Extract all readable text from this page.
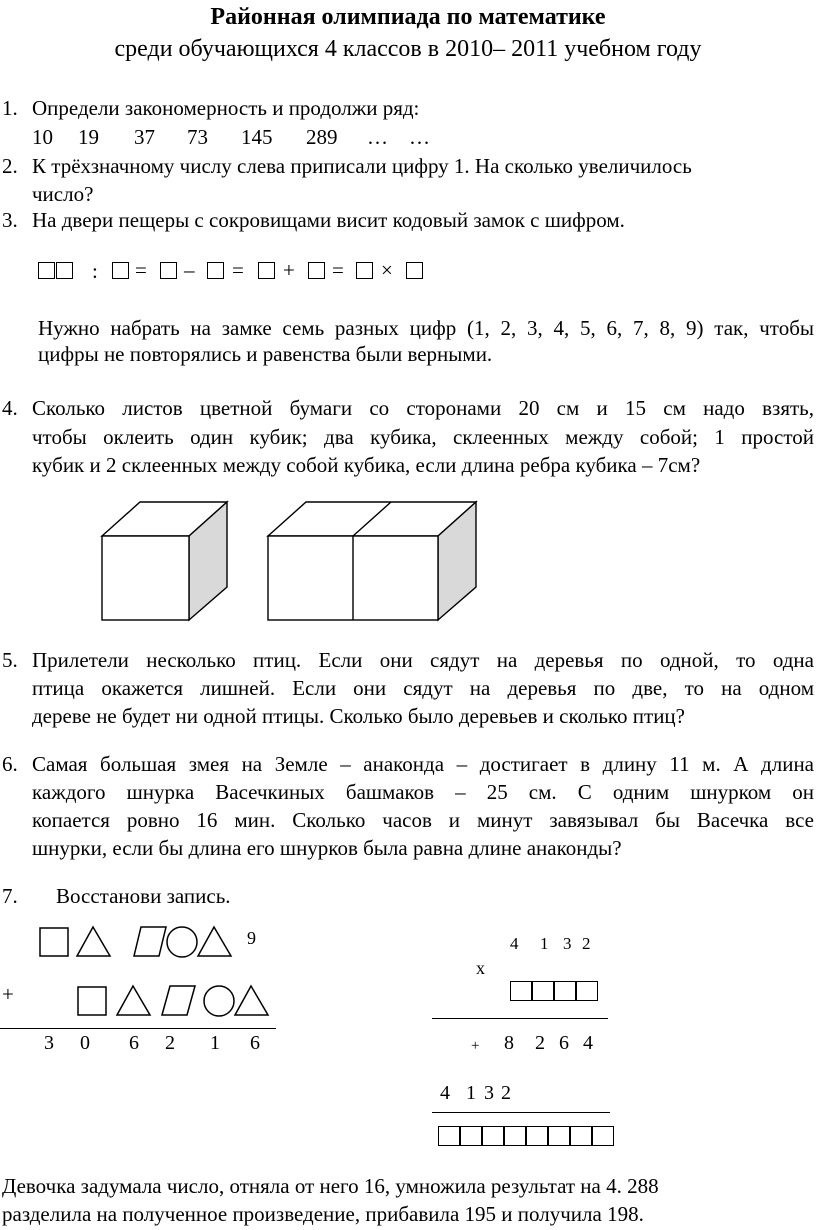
Районная олимпиада по математике
среди обучающихся 4 классов в 2010– 2011 учебном году
1. Определи закономерность и продолжи ряд:
10 19 37 73 145 289 … …
2. К трёхзначному числу слева приписали цифру 1. На сколько увеличилось
число?
3. На двери пещеры с сокровищами висит кодовый замок с шифром.
: = – = + = ×
Нужно набрать на замке семь разных цифр (1, 2, 3, 4, 5, 6, 7, 8, 9) так, чтобы
цифры не повторялись и равенства были верными.
4. Сколько листов цветной бумаги со сторонами 20 см и 15 см надо взять,
чтобы оклеить один кубик; два кубика, склеенных между собой; 1 простой
кубик и 2 склеенных между собой кубика, если длина ребра кубика – 7см?
5. Прилетели несколько птиц. Если они сядут на деревья по одной, то одна
птица окажется лишней. Если они сядут на деревья по две, то на одном
дереве не будет ни одной птицы. Сколько было деревьев и сколько птиц?
6. Самая большая змея на Земле – анаконда – достигает в длину 11 м. А длина
каждого шнурка Васечкиных башмаков – 25 см. С одним шнурком он
копается ровно 16 мин. Сколько часов и минут завязывал бы Васечка все
шнурки, если бы длина его шнурков была равна длине анаконды?
7. Восстанови запись.
9
+
3 0 6 2 1 6
4 1 3 2
х
+ 8 2 6 4
4 1 3 2
Девочка задумала число, отняла от него 16, умножила результат на 4. 288
разделила на полученное произведение, прибавила 195 и получила 198.
